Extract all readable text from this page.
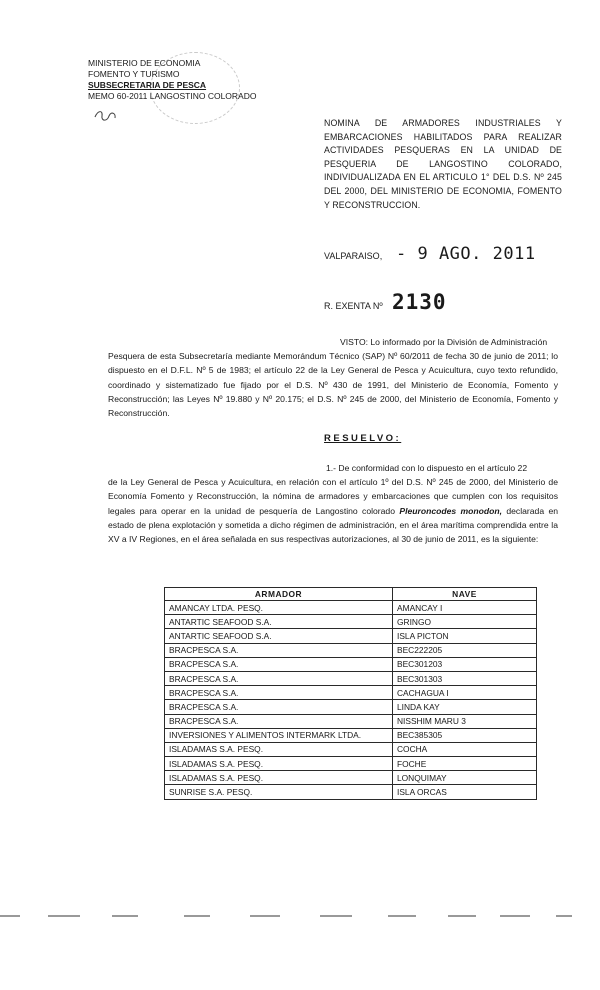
MINISTERIO DE ECONOMIA
FOMENTO Y TURISMO
SUBSECRETARIA DE PESCA
MEMO 60-2011 LANGOSTINO COLORADO
NOMINA DE ARMADORES INDUSTRIALES Y EMBARCACIONES HABILITADOS PARA REALIZAR ACTIVIDADES PESQUERAS EN LA UNIDAD DE PESQUERIA DE LANGOSTINO COLORADO, INDIVIDUALIZADA EN EL ARTICULO 1° DEL D.S. Nº 245 DEL 2000, DEL MINISTERIO DE ECONOMIA, FOMENTO Y RECONSTRUCCION.
VALPARAISO, - 9 AGO. 2011
R. EXENTA Nº 2130
VISTO: Lo informado por la División de Administración
Pesquera de esta Subsecretaría mediante Memorándum Técnico (SAP) Nº 60/2011 de fecha 30 de junio de 2011; lo dispuesto en el D.F.L. Nº 5 de 1983; el artículo 22 de la Ley General de Pesca y Acuicultura, cuyo texto refundido, coordinado y sistematizado fue fijado por el D.S. Nº 430 de 1991, del Ministerio de Economía, Fomento y Reconstrucción; las Leyes Nº 19.880 y Nº 20.175; el D.S. Nº 245 de 2000, del Ministerio de Economía, Fomento y Reconstrucción.
RESUELVO:
1.- De conformidad con lo dispuesto en el artículo 22
de la Ley General de Pesca y Acuicultura, en relación con el artículo 1º del D.S. Nº 245 de 2000, del Ministerio de Economía Fomento y Reconstrucción, la nómina de armadores y embarcaciones que cumplen con los requisitos legales para operar en la unidad de pesquería de Langostino colorado Pleuroncodes monodon, declarada en estado de plena explotación y sometida a dicho régimen de administración, en el área marítima comprendida entre la XV a IV Regiones, en el área señalada en sus respectivas autorizaciones, al 30 de junio de 2011, es la siguiente:
ARMADOR	NAVE
AMANCAY LTDA. PESQ.	AMANCAY I
ANTARTIC SEAFOOD S.A.	GRINGO
ANTARTIC SEAFOOD S.A.	ISLA PICTON
BRACPESCA S.A.	BEC222205
BRACPESCA S.A.	BEC301203
BRACPESCA S.A.	BEC301303
BRACPESCA S.A.	CACHAGUA I
BRACPESCA S.A.	LINDA KAY
BRACPESCA S.A.	NISSHIM MARU 3
INVERSIONES Y ALIMENTOS INTERMARK LTDA.	BEC385305
ISLADAMAS S.A. PESQ.	COCHA
ISLADAMAS S.A. PESQ.	FOCHE
ISLADAMAS S.A. PESQ.	LONQUIMAY
SUNRISE S.A. PESQ.	ISLA ORCAS
